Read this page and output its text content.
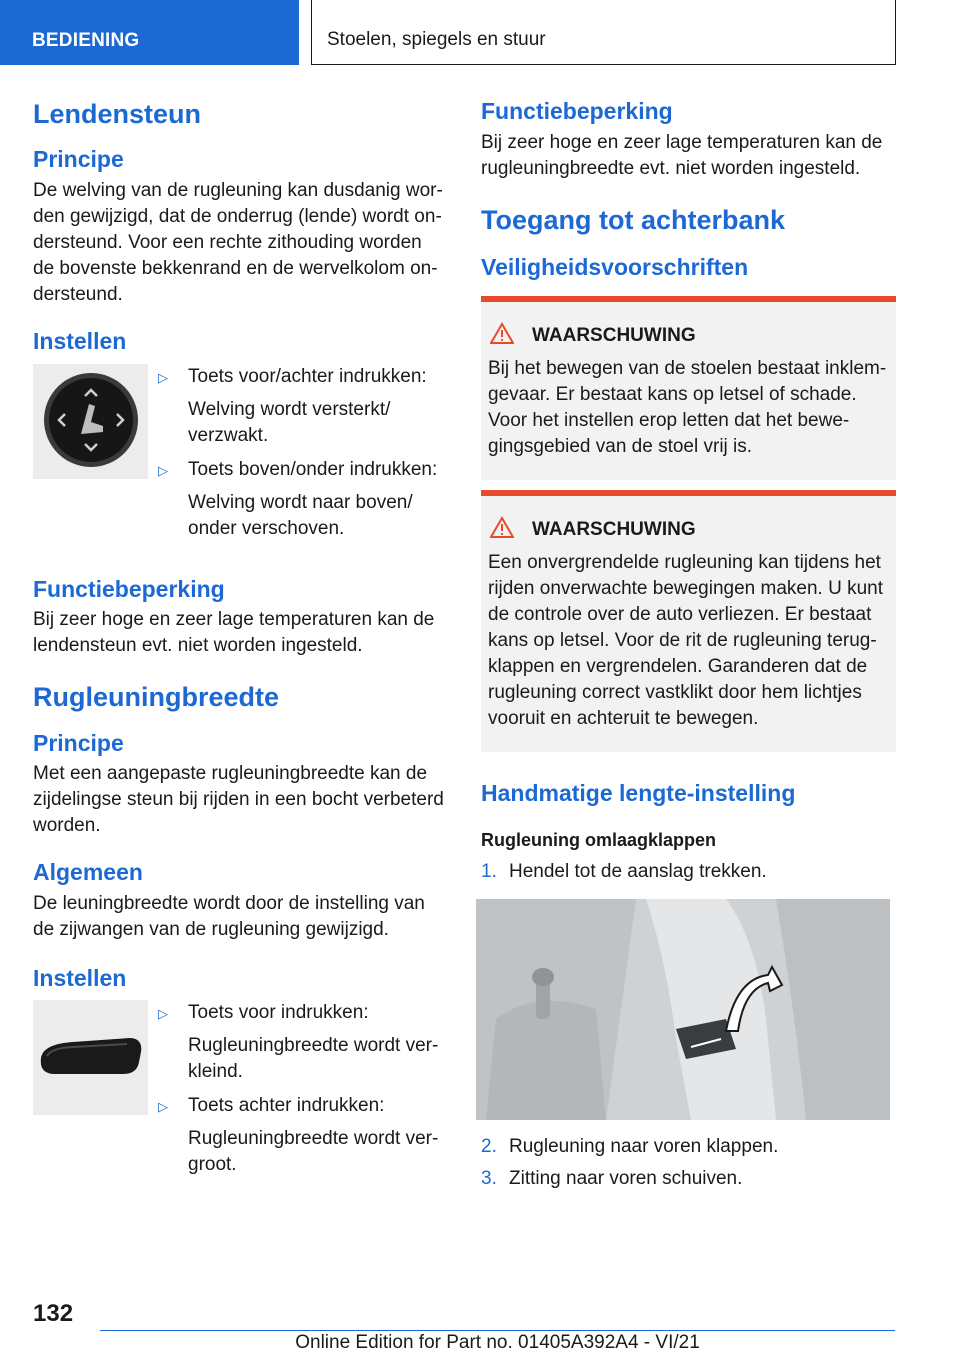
BEDIENING	Stoelen, spiegels en stuur
Lendensteun
Principe

De welving van de rugleuning kan dusdanig worden gewijzigd, dat de onderrug (lende) wordt ondersteund. Voor een rechte zithouding worden de bovenste bekkenrand en de wervelkolom ondersteund.

Instellen
▷	Toets voor/achter indrukken:
Welving wordt versterkt/ verzwakt.
▷	Toets boven/onder indrukken:
Welving wordt naar boven/ onder verschoven.
Functiebeperking

Bij zeer hoge en zeer lage temperaturen kan de lendensteun evt. niet worden ingesteld.

Rugleuningbreedte
Principe

Met een aangepaste rugleuningbreedte kan de zijdelingse steun bij rijden in een bocht verbeterd worden.

Algemeen

De leuningbreedte wordt door de instelling van de zijwangen van de rugleuning gewijzigd.

Instellen
▷	Toets voor indrukken:
Rugleuningbreedte wordt verkleind.
▷	Toets achter indrukken:
Rugleuningbreedte wordt vergroot.
Functiebeperking

Bij zeer hoge en zeer lage temperaturen kan de rugleuningbreedte evt. niet worden ingesteld.

Toegang tot achterbank
Veiligheidsvoorschriften
WAARSCHUWING

Bij het bewegen van de stoelen bestaat inklemgevaar. Er bestaat kans op letsel of schade. Voor het instellen erop letten dat het bewegingsgebied van de stoel vrij is.

WAARSCHUWING

Een onvergrendelde rugleuning kan tijdens het rijden onverwachte bewegingen maken. U kunt de controle over de auto verliezen. Er bestaat kans op letsel. Voor de rit de rugleuning terugklappen en vergrendelen. Garanderen dat de rugleuning correct vastklikt door hem lichtjes vooruit en achteruit te bewegen.

Handmatige lengte-instelling
Rugleuning omlaagklappen
1. Hendel tot de aanslag trekken.
2. Rugleuning naar voren klappen.
3. Zitting naar voren schuiven.
132
Online Edition for Part no. 01405A392A4 - VI/21
